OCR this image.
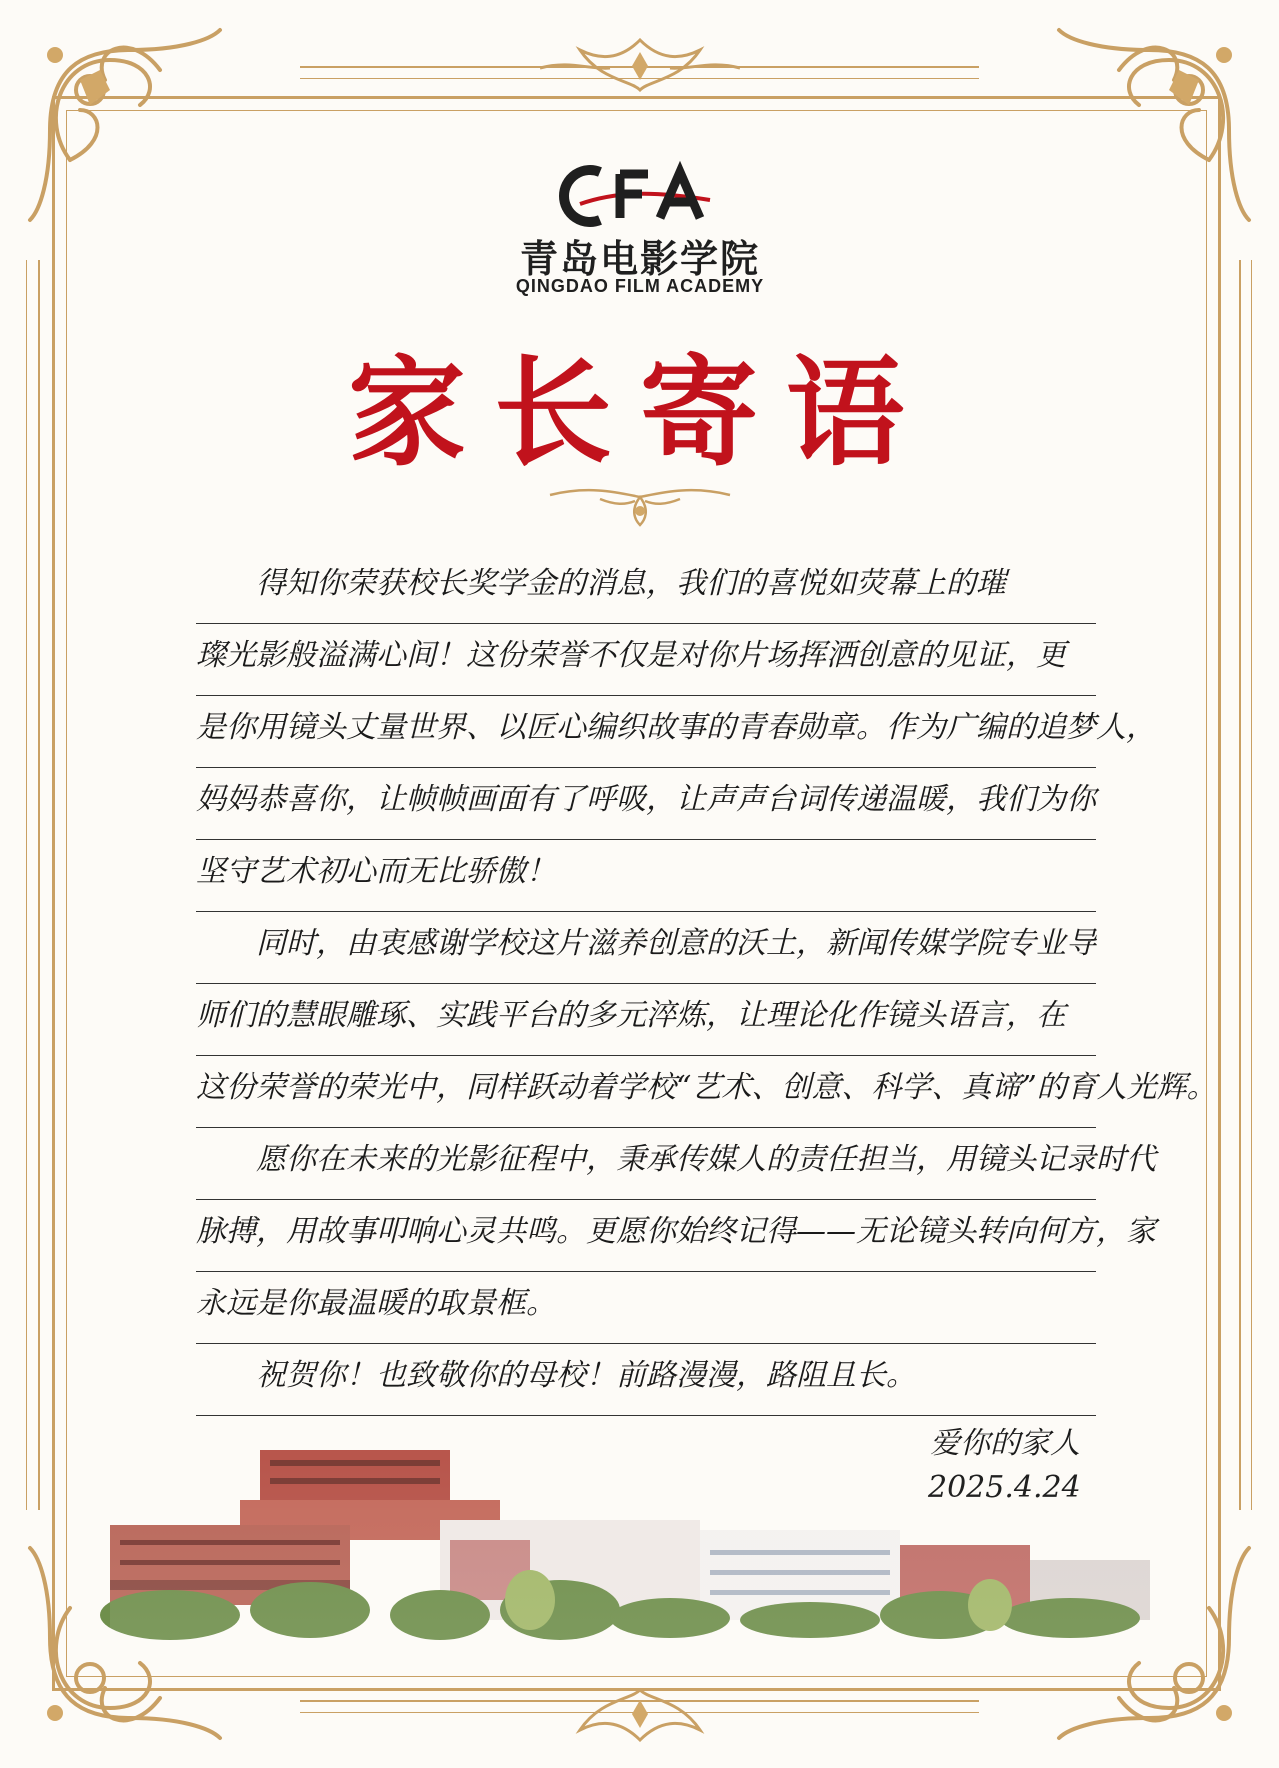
青岛电影学院
QINGDAO FILM ACADEMY
家长寄语
得知你荣获校长奖学金的消息，我们的喜悦如荧幕上的璀
璨光影般溢满心间！这份荣誉不仅是对你片场挥洒创意的见证，更
是你用镜头丈量世界、以匠心编织故事的青春勋章。作为广编的追梦人，
妈妈恭喜你，让帧帧画面有了呼吸，让声声台词传递温暖，我们为你
坚守艺术初心而无比骄傲！
同时，由衷感谢学校这片滋养创意的沃土，新闻传媒学院专业导
师们的慧眼雕琢、实践平台的多元淬炼，让理论化作镜头语言，在
这份荣誉的荣光中，同样跃动着学校“艺术、创意、科学、真谛”的育人光辉。
愿你在未来的光影征程中，秉承传媒人的责任担当，用镜头记录时代
脉搏，用故事叩响心灵共鸣。更愿你始终记得——无论镜头转向何方，家
永远是你最温暖的取景框。
祝贺你！也致敬你的母校！前路漫漫，路阻且长。
